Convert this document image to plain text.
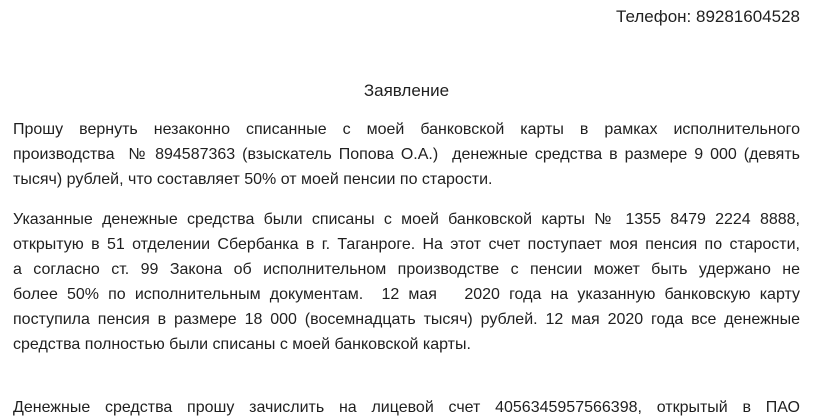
Телефон: 89281604528
Заявление
Прошу вернуть незаконно списанные с моей банковской карты в рамках исполнительного
производства  № 894587363 (взыскатель Попова О.А.)  денежные средства в размере 9 000 (девять
тысяч) рублей, что составляет 50% от моей пенсии по старости.
Указанные денежные средства были списаны с моей банковской карты № 1355 8479 2224 8888,
открытую в 51 отделении Сбербанка в г. Таганроге. На этот счет поступает моя пенсия по старости,
а согласно ст. 99 Закона об исполнительном производстве с пенсии может быть удержано не
более 50% по исполнительным документам.  12 мая   2020 года на указанную банковскую карту
поступила пенсия в размере 18 000 (восемнадцать тысяч) рублей. 12 мая 2020 года все денежные
средства полностью были списаны с моей банковской карты.
Денежные средства прошу зачислить на лицевой счет 4056345957566398, открытый в ПАО
